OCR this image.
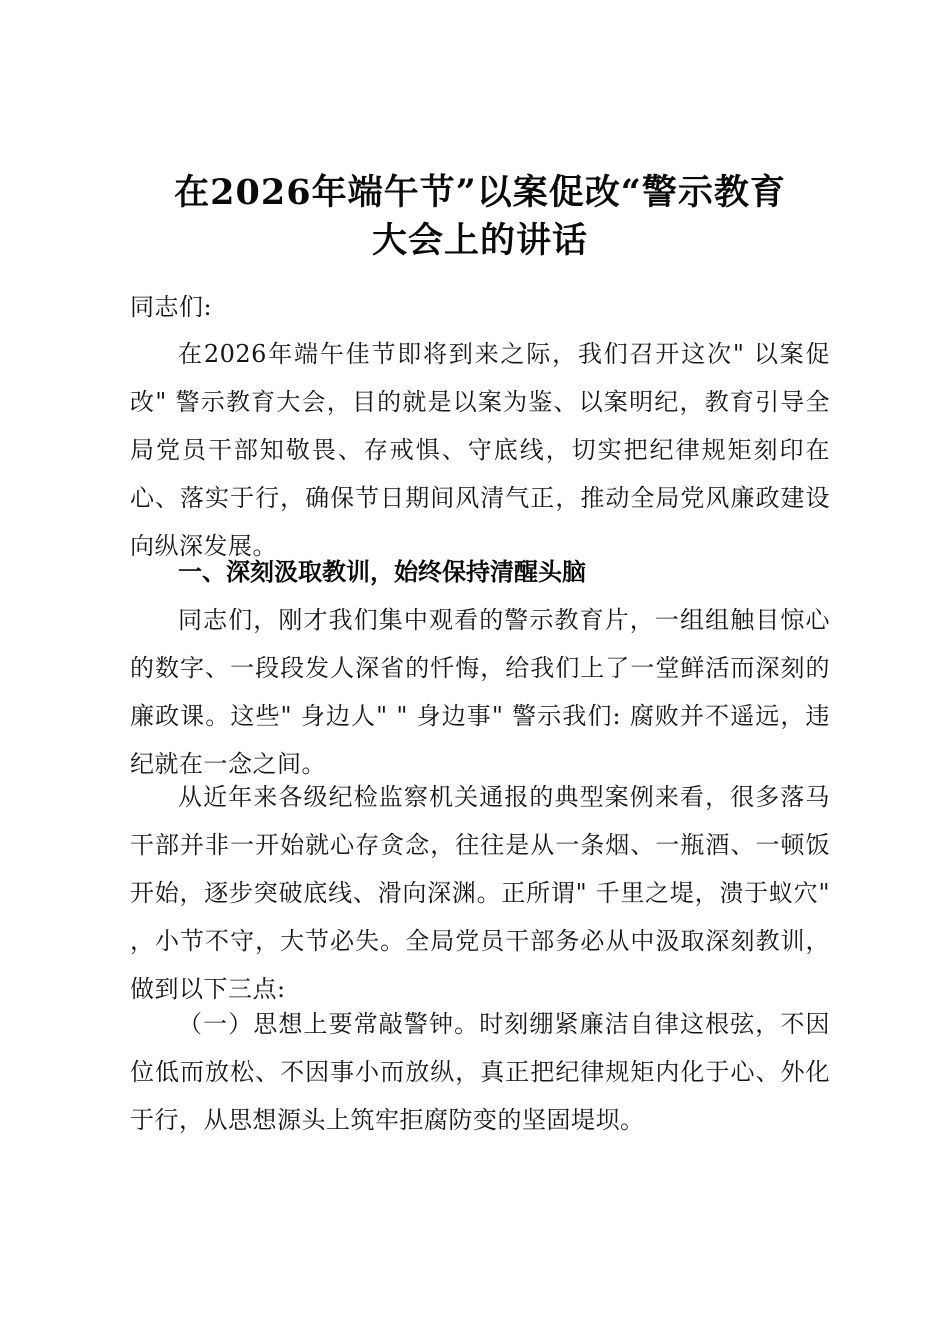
在2026年端午节”以案促改“警示教育
大会上的讲话
同志们:
在2026年端午佳节即将到来之际，我们召开这次" 以案促改" 警示教育大会，目的就是以案为鉴、以案明纪，教育引导全局党员干部知敬畏、存戒惧、守底线，切实把纪律规矩刻印在心、落实于行，确保节日期间风清气正，推动全局党风廉政建设向纵深发展。
一、深刻汲取教训，始终保持清醒头脑
同志们，刚才我们集中观看的警示教育片，一组组触目惊心的数字、一段段发人深省的忏悔，给我们上了一堂鲜活而深刻的廉政课。这些" 身边人" " 身边事" 警示我们: 腐败并不遥远，违纪就在一念之间。
从近年来各级纪检监察机关通报的典型案例来看，很多落马干部并非一开始就心存贪念，往往是从一条烟、一瓶酒、一顿饭开始，逐步突破底线、滑向深渊。正所谓" 千里之堤，溃于蚁穴" ，小节不守，大节必失。全局党员干部务必从中汲取深刻教训，做到以下三点:
（一）思想上要常敲警钟。时刻绷紧廉洁自律这根弦，不因位低而放松、不因事小而放纵，真正把纪律规矩内化于心、外化于行，从思想源头上筑牢拒腐防变的坚固堤坝。
